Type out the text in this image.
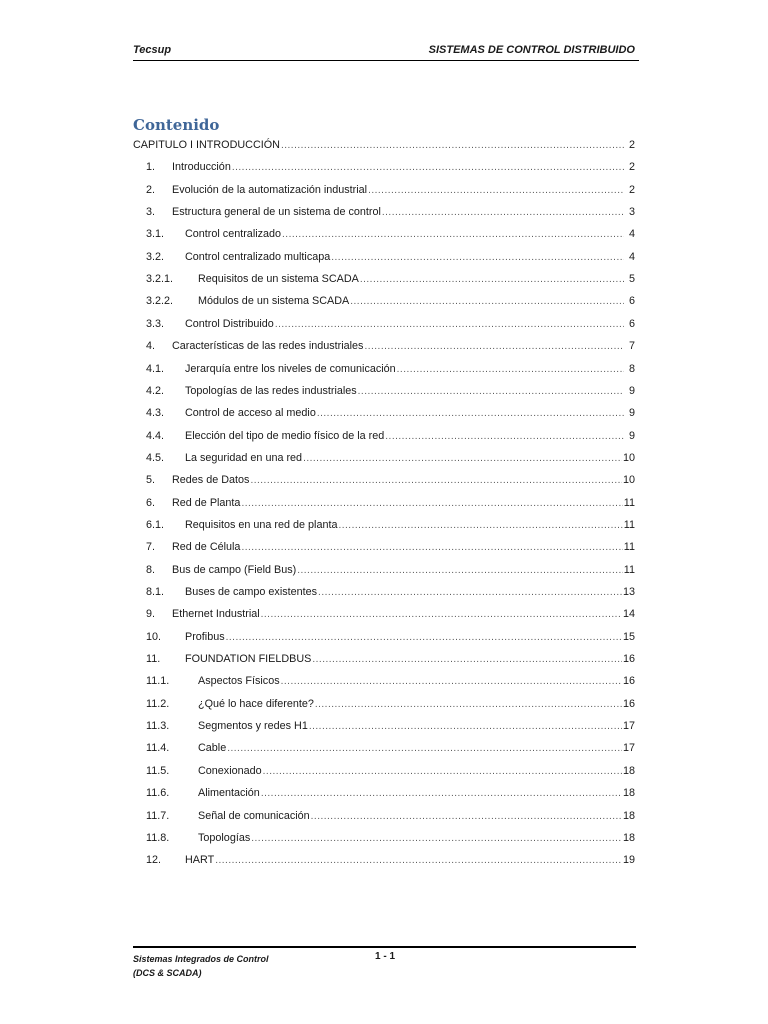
Tecsup	SISTEMAS DE CONTROL DISTRIBUIDO
Contenido
CAPITULO I INTRODUCCIÓN .....	2
1.	Introducción .....	2
2.	Evolución de la automatización industrial .....	2
3.	Estructura general de un sistema de control .....	3
3.1.	Control centralizado .....	4
3.2.	Control centralizado multicapa .....	4
3.2.1.	Requisitos de un sistema SCADA .....	5
3.2.2.	Módulos de un sistema SCADA .....	6
3.3.	Control Distribuido .....	6
4.	Características de las redes industriales .....	7
4.1.	Jerarquía entre los niveles de comunicación .....	8
4.2.	Topologías de las redes industriales .....	9
4.3.	Control de acceso al medio .....	9
4.4.	Elección del tipo de medio físico de la red .....	9
4.5.	La seguridad en una red .....	10
5.	Redes de Datos .....	10
6.	Red de Planta .....	11
6.1.	Requisitos en una red de planta .....	11
7.	Red de Célula .....	11
8.	Bus de campo (Field Bus) .....	11
8.1.	Buses de campo existentes .....	13
9.	Ethernet Industrial .....	14
10.	Profibus .....	15
11.	FOUNDATION FIELDBUS .....	16
11.1.	Aspectos Físicos .....	16
11.2.	¿Qué lo hace diferente? .....	16
11.3.	Segmentos y redes H1 .....	17
11.4.	Cable .....	17
11.5.	Conexionado .....	18
11.6.	Alimentación .....	18
11.7.	Señal de comunicación .....	18
11.8.	Topologías .....	18
12.	HART .....	19
Sistemas Integrados de Control
(DCS & SCADA)
1 - 1
